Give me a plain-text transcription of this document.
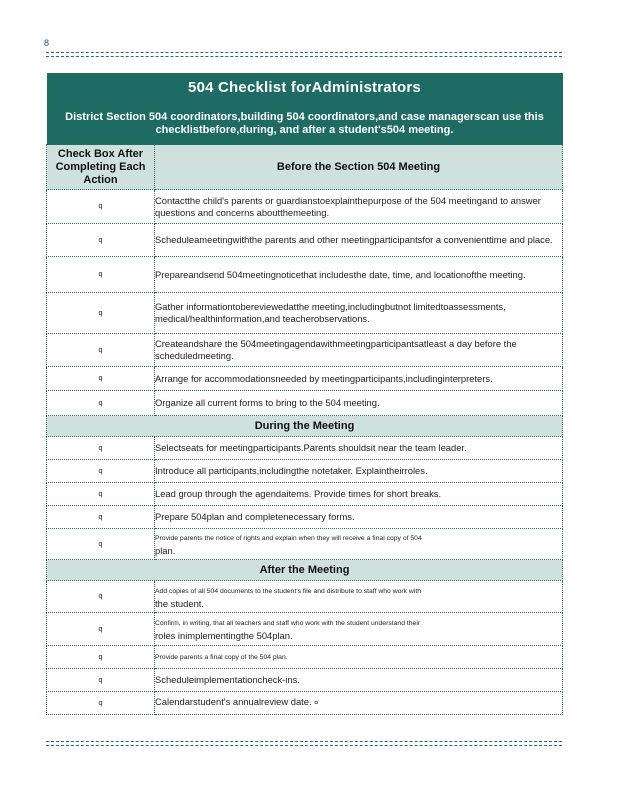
8
504 Checklist forAdministrators
District Section 504 coordinators,building 504 coordinators,and case managerscan use this checklistbefore,during, and after a student's504 meeting.	

Check Box After Completing Each Action	Before the Section 504 Meeting
q	Contactthe child's parents or guardianstoexplainthepurpose of the 504 meetingand to answer questions and concerns aboutthemeeting.
q	Scheduleameetingwiththe parents and other meetingparticipantsfor a convenienttime and place.
q	Prepareandsend 504meetingnoticethat includesthe date, time, and locationofthe meeting.
q	Gather informationtobereviewedatthe meeting,includingbutnot limitedtoassessments, medical/healthinformation,and teacherobservations.
q	Createandshare the 504meetingagendawithmeetingparticipantsatleast a day before the scheduledmeeting.
q	Arrange for accommodationsneeded by meetingparticipants,includinginterpreters.
q	Organize all current forms to bring to the 504 meeting.
During the Meeting	
q	Selectseats for meetingparticipants.Parents shouldsit near the team leader.
q	Introduce all participants,includingthe notetaker. Explaintheirroles.
q	Lead group through the agendaitems. Provide times for short breaks.
q	Prepare 504plan and completenecessary forms.
q	Provide parents the notice of rights and explain when they will receive a final copy of 504
plan.
After the Meeting	
q	Add copies of all 504 documents to the student's file and distribute to staff who work with
the student.
q	Confirm, in writing, that all teachers and staff who work with the student understand their
roles inimplementingthe 504plan.
q	Provide parents a final copy of the 504 plan.
q	Scheduleimplementationcheck-ins.
q	Calendarstudent's annualreview date. ¤
